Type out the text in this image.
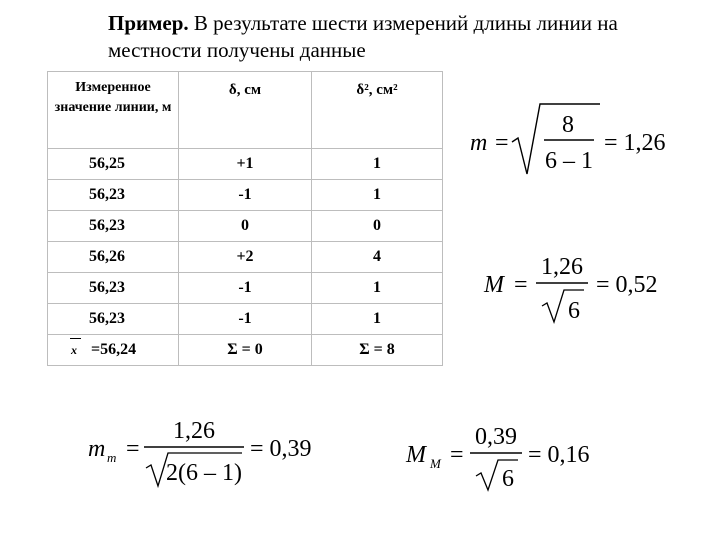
Пример. В результате шести измерений длины линии на местности получены данные
Измеренное значение линии, м	δ, см	δ², см²
56,25	+1	1
56,23	-1	1
56,23	0	0
56,26	+2	4
56,23	-1	1
56,23	-1	1

x =56,24	Σ = 0	Σ = 8
m =
8
6 – 1
= 1,26
M =
1,26
6
= 0,52
m m =
1,26
2(6 – 1)
= 0,39	M M =
0,39
6
= 0,16
